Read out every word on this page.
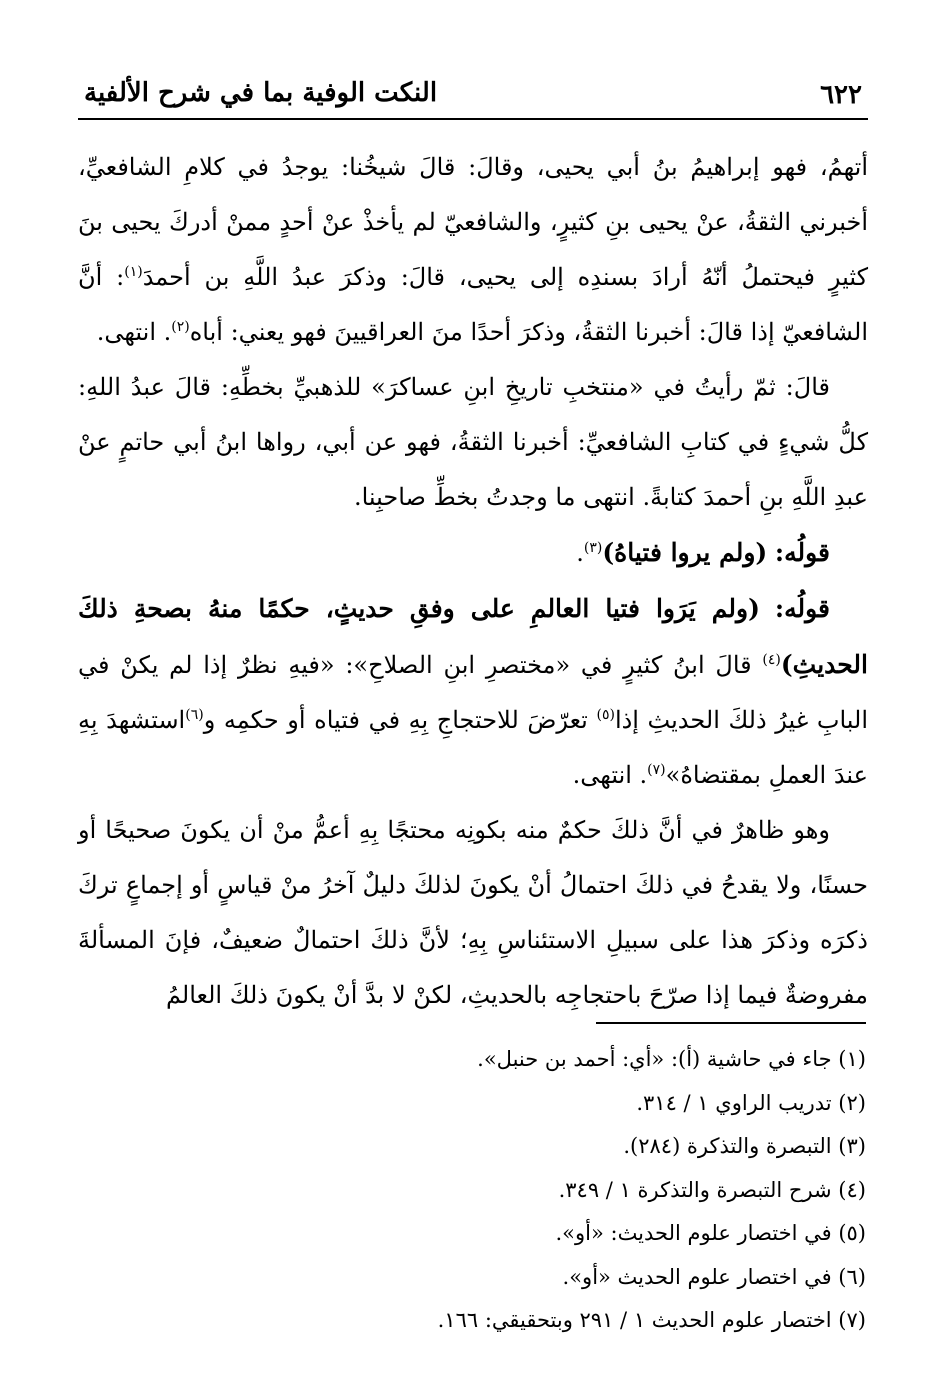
٦٢٢
النكت الوفية بما في شرح الألفية

أتهمُ، فهو إبراهيمُ بنُ أبي يحيى، وقالَ: قالَ شيخُنا: يوجدُ في كلامِ الشافعيِّ، أخبرني الثقةُ، عنْ يحيى بنِ كثيرٍ، والشافعيّ لم يأخذْ عنْ أحدٍ ممنْ أدركَ يحيى بنَ كثيرٍ فيحتملُ أنّهُ أرادَ بسندِه إلى يحيى، قالَ: وذكرَ عبدُ اللَّهِ بن أحمدَ$^{(١)}$: أنَّ الشافعيّ إذا قالَ: أخبرنا الثقةُ، وذكرَ أحدًا منَ العراقيينَ فهو يعني: أباه$^{(٢)}$. انتهى.

قالَ: ثمّ رأيتُ في «منتخبِ تاريخِ ابنِ عساكرَ» للذهبيِّ بخطِّهِ: قالَ عبدُ اللهِ: كلُّ شيءٍ في كتابِ الشافعيِّ: أخبرنا الثقةُ، فهو عن أبي، رواها ابنُ أبي حاتمٍ عنْ عبدِ اللَّهِ بنِ أحمدَ كتابةً. انتهى ما وجدتُ بخطِّ صاحبِنا.

قولُه: (ولم يروا فتياهُ)$^{(٣)}$.

قولُه: (ولم يَرَوا فتيا العالمِ على وفقِ حديثٍ، حكمًا منهُ بصحةِ ذلكَ الحديثِ)$^{(٤)}$ قالَ ابنُ كثيرٍ في «مختصرِ ابنِ الصلاحِ»: «فيهِ نظرٌ إذا لم يكنْ في البابِ غيرُ ذلكَ الحديثِ إذا$^{(٥)}$ تعرّضَ للاحتجاجِ بِهِ في فتياه أو حكمِه و$^{(٦)}$استشهدَ بِهِ عندَ العملِ بمقتضاهُ»$^{(٧)}$. انتهى.

وهو ظاهرٌ في أنَّ ذلكَ حكمٌ منه بكونِه محتجًا بِهِ أعمُّ منْ أن يكونَ صحيحًا أو حسنًا، ولا يقدحُ في ذلكَ احتمالُ أنْ يكونَ لذلكَ دليلٌ آخرُ منْ قياسٍ أو إجماعٍ تركَ ذكرَه وذكرَ هذا على سبيلِ الاستئناسِ بِهِ؛ لأنَّ ذلكَ احتمالٌ ضعيفٌ، فإنَ المسألةَ مفروضةٌ فيما إذا صرّحَ باحتجاجِه بالحديثِ، لكنْ لا بدَّ أنْ يكونَ ذلكَ العالمُ

(١) جاء في حاشية (أ): «أي: أحمد بن حنبل».

(٢) تدريب الراوي ١ / ٣١٤.

(٣) التبصرة والتذكرة (٢٨٤).

(٤) شرح التبصرة والتذكرة ١ / ٣٤٩.

(٥) في اختصار علوم الحديث: «أو».

(٦) في اختصار علوم الحديث «أو».

(٧) اختصار علوم الحديث ١ / ٢٩١ وبتحقيقي: ١٦٦.
